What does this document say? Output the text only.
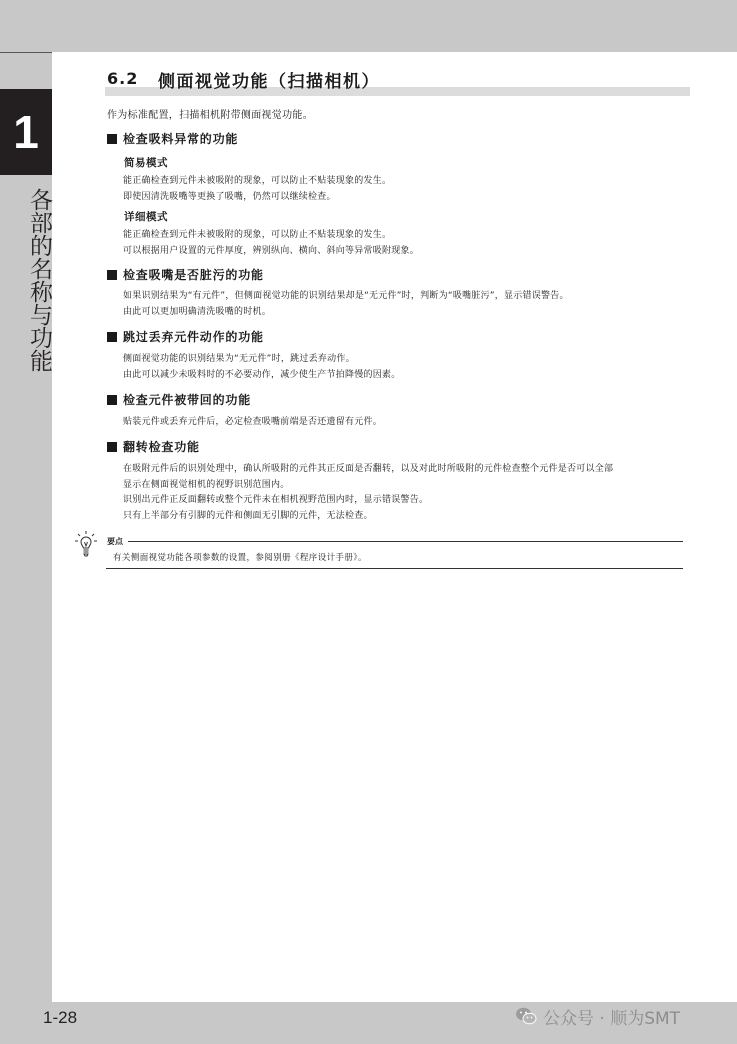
1
各部的名称与功能
6.2 侧面视觉功能（扫描相机）
作为标准配置，扫描相机附带侧面视觉功能。
检查吸料异常的功能
简易模式
能正确检查到元件未被吸附的现象，可以防止不贴装现象的发生。
即使因清洗吸嘴等更换了吸嘴，仍然可以继续检查。
详细模式
能正确检查到元件未被吸附的现象，可以防止不贴装现象的发生。
可以根据用户设置的元件厚度，辨别纵向、横向、斜向等异常吸附现象。
检查吸嘴是否脏污的功能
如果识别结果为“有元件”，但侧面视觉功能的识别结果却是“无元件”时，判断为“吸嘴脏污”，显示错误警告。
由此可以更加明确清洗吸嘴的时机。
跳过丢弃元件动作的功能
侧面视觉功能的识别结果为“无元件”时，跳过丢弃动作。
由此可以减少未吸料时的不必要动作，减少使生产节拍降慢的因素。
检查元件被带回的功能
贴装元件或丢弃元件后，必定检查吸嘴前端是否还遗留有元件。
翻转检查功能
在吸附元件后的识别处理中，确认所吸附的元件其正反面是否翻转，以及对此时所吸附的元件检查整个元件是否可以全部
显示在侧面视觉相机的视野识别范围内。
识别出元件正反面翻转或整个元件未在相机视野范围内时，显示错误警告。
只有上半部分有引脚的元件和侧面无引脚的元件，无法检查。
要点
有关侧面视觉功能各项参数的设置，参阅别册《程序设计手册》。
1-28	公众号 · 顺为SMT
